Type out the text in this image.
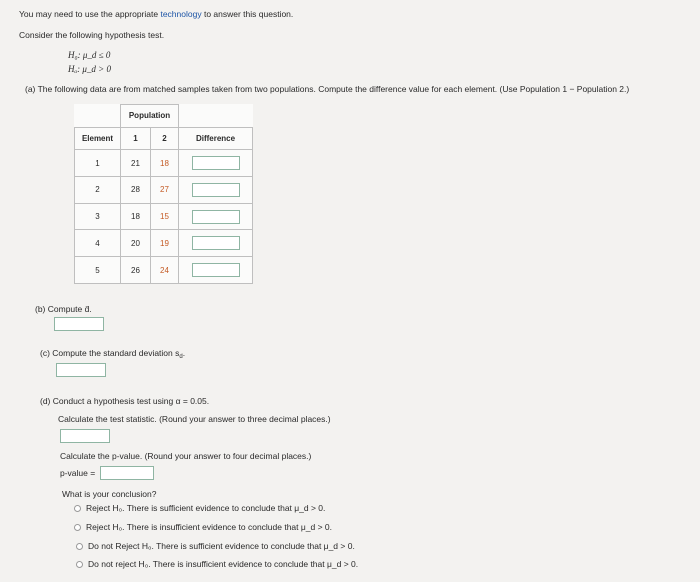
You may need to use the appropriate technology to answer this question.
Consider the following hypothesis test.
H₀: μ_d ≤ 0
Hₐ: μ_d > 0
(a) The following data are from matched samples taken from two populations. Compute the difference value for each element. (Use Population 1 − Population 2.)
	Population		
Element	1	2	Difference
1	21	18	

2	28	27	

3	18	15	

4	20	19	

5	26	24	
(b) Compute d̄.
(c) Compute the standard deviation $s_d$.
(d) Conduct a hypothesis test using α = 0.05.
Calculate the test statistic. (Round your answer to three decimal places.)
Calculate the p-value. (Round your answer to four decimal places.)
p-value =
What is your conclusion?
Reject H₀. There is sufficient evidence to conclude that μ_d > 0.
Reject H₀. There is insufficient evidence to conclude that μ_d > 0.
Do not Reject H₀. There is sufficient evidence to conclude that μ_d > 0.
Do not reject H₀. There is insufficient evidence to conclude that μ_d > 0.
